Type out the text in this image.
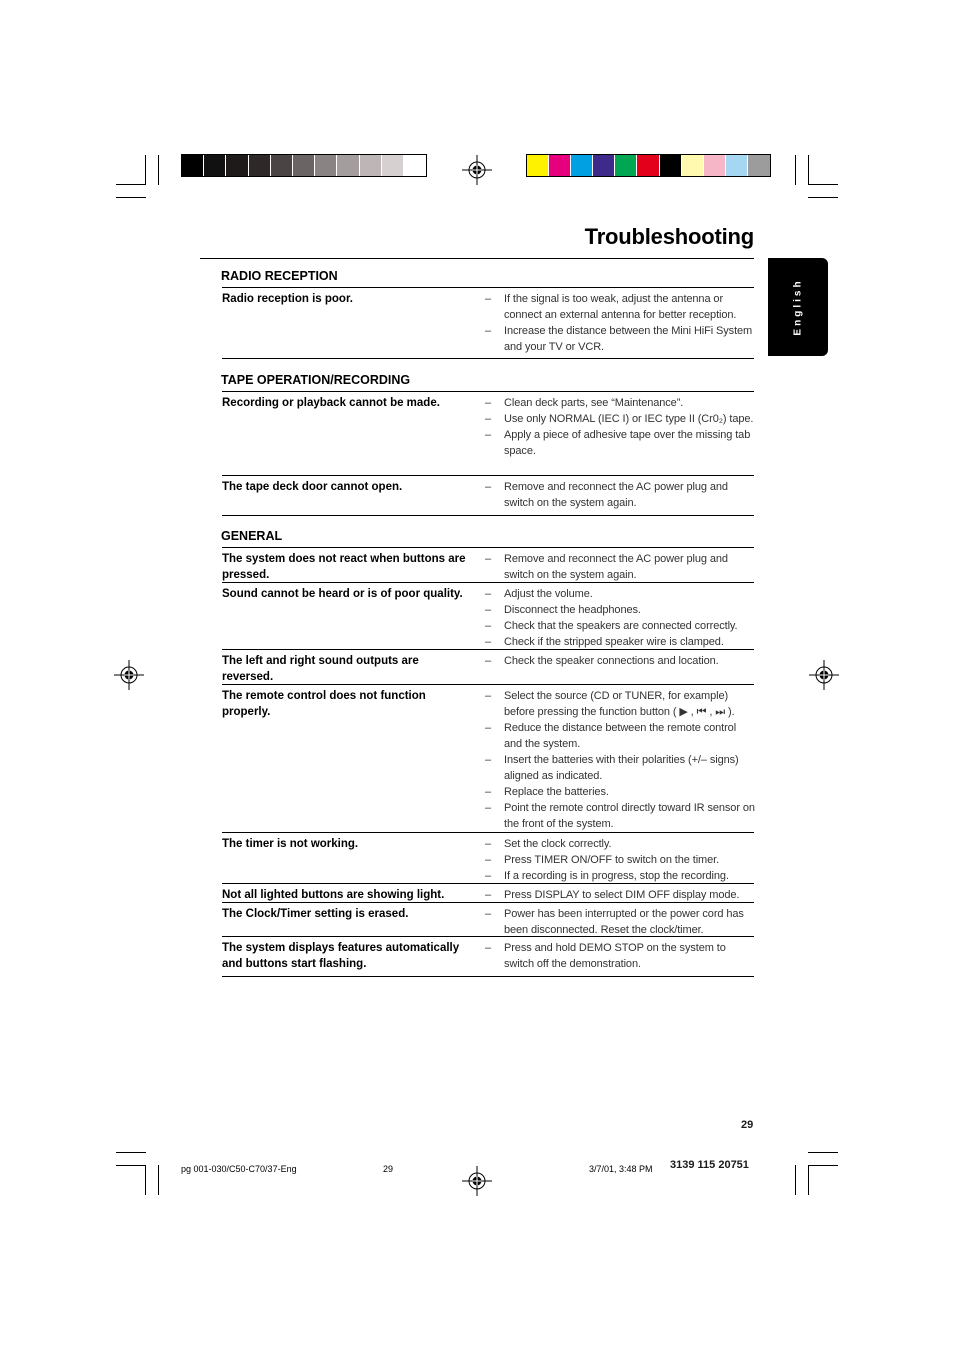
Troubleshooting
English
RADIO RECEPTION
Radio reception is poor.	– If the signal is too weak, adjust the antenna or connect an external antenna for better reception.
– Increase the distance between the Mini HiFi System and your TV or VCR.
TAPE OPERATION/RECORDING
Recording or playback cannot be made.	– Clean deck parts, see “Maintenance”.
– Use only NORMAL (IEC I) or IEC type II (Cr0₂) tape.
– Apply a piece of adhesive tape over the missing tab space.
The tape deck door cannot open.	– Remove and reconnect the AC power plug and switch on the system again.
GENERAL
The system does not react when buttons are pressed.
– Remove and reconnect the AC power plug and switch on the system again.
Sound cannot be heard or is of poor quality.	– Adjust the volume.
– Disconnect the headphones.
– Check that the speakers are connected correctly.
– Check if the stripped speaker wire is clamped.
The left and right sound outputs are reversed.
– Check the speaker connections and location.
The remote control does not function properly.
– Select the source (CD or TUNER, for example) before pressing the function button ( ▶ , ⏮ , ⏭ ).
– Reduce the distance between the remote control and the system.
– Insert the batteries with their polarities (+/– signs) aligned as indicated.
– Replace the batteries.
– Point the remote control directly toward IR sensor on the front of the system.
The timer is not working.	– Set the clock correctly.
– Press TIMER ON/OFF to switch on the timer.
– If a recording is in progress, stop the recording.
Not all lighted buttons are showing light.	– Press DISPLAY to select DIM OFF display mode.
The Clock/Timer setting is erased.	– Power has been interrupted or the power cord has been disconnected. Reset the clock/timer.
The system displays features automatically and buttons start flashing.
– Press and hold DEMO STOP on the system to switch off the demonstration.
29
pg 001-030/C50-C70/37-Eng	29	3/7/01, 3:48 PM 3139 115 20751
